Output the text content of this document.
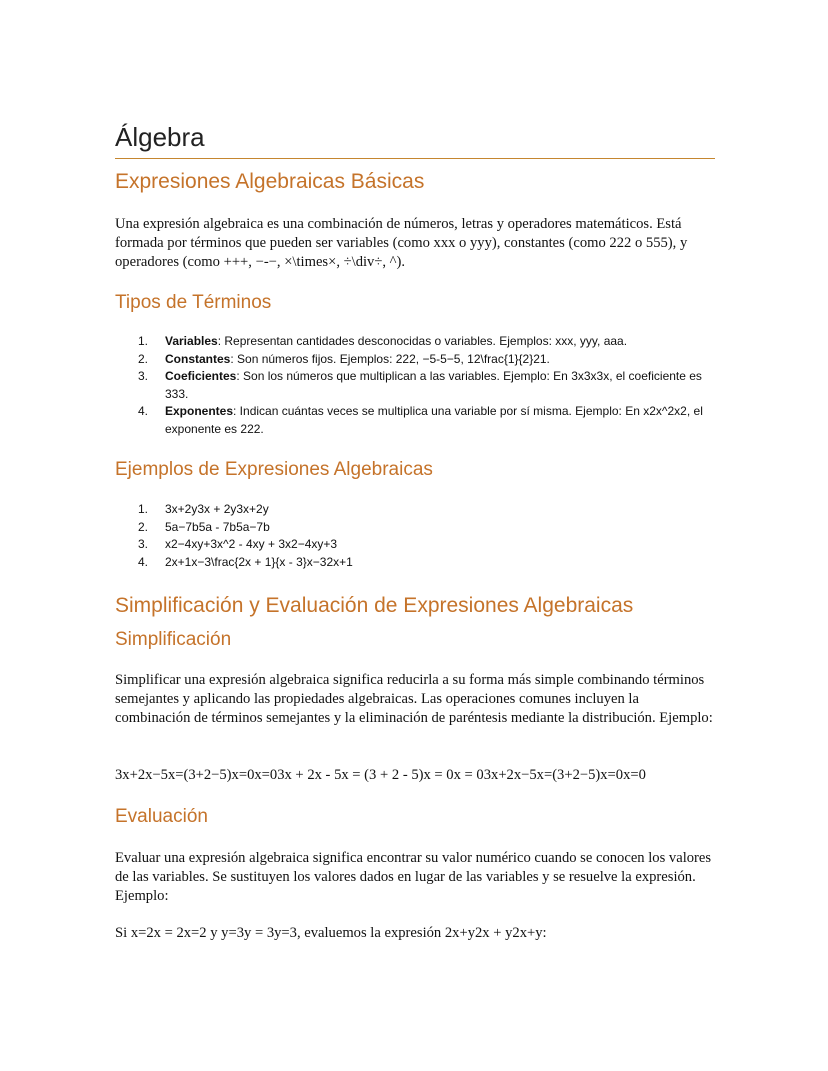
Álgebra
Expresiones Algebraicas Básicas
Una expresión algebraica es una combinación de números, letras y operadores matemáticos. Está formada por términos que pueden ser variables (como xxx o yyy), constantes (como 222 o 555), y operadores (como +++, −-−, ×\times×, ÷\div÷, ^).
Tipos de Términos
1. Variables: Representan cantidades desconocidas o variables. Ejemplos: xxx, yyy, aaa.
2. Constantes: Son números fijos. Ejemplos: 222, −5-5−5, 12\frac{1}{2}21.
3. Coeficientes: Son los números que multiplican a las variables. Ejemplo: En 3x3x3x, el coeficiente es 333.
4. Exponentes: Indican cuántas veces se multiplica una variable por sí misma. Ejemplo: En x2x^2x2, el exponente es 222.
Ejemplos de Expresiones Algebraicas
1. 3x+2y3x + 2y3x+2y
2. 5a−7b5a - 7b5a−7b
3. x2−4xy+3x^2 - 4xy + 3x2−4xy+3
4. 2x+1x−3\frac{2x + 1}{x - 3}x−32x+1
Simplificación y Evaluación de Expresiones Algebraicas
Simplificación
Simplificar una expresión algebraica significa reducirla a su forma más simple combinando términos semejantes y aplicando las propiedades algebraicas. Las operaciones comunes incluyen la combinación de términos semejantes y la eliminación de paréntesis mediante la distribución. Ejemplo:
3x+2x−5x=(3+2−5)x=0x=03x + 2x - 5x = (3 + 2 - 5)x = 0x = 03x+2x−5x=(3+2−5)x=0x=0
Evaluación
Evaluar una expresión algebraica significa encontrar su valor numérico cuando se conocen los valores de las variables. Se sustituyen los valores dados en lugar de las variables y se resuelve la expresión. Ejemplo:
Si x=2x = 2x=2 y y=3y = 3y=3, evaluemos la expresión 2x+y2x + y2x+y:
